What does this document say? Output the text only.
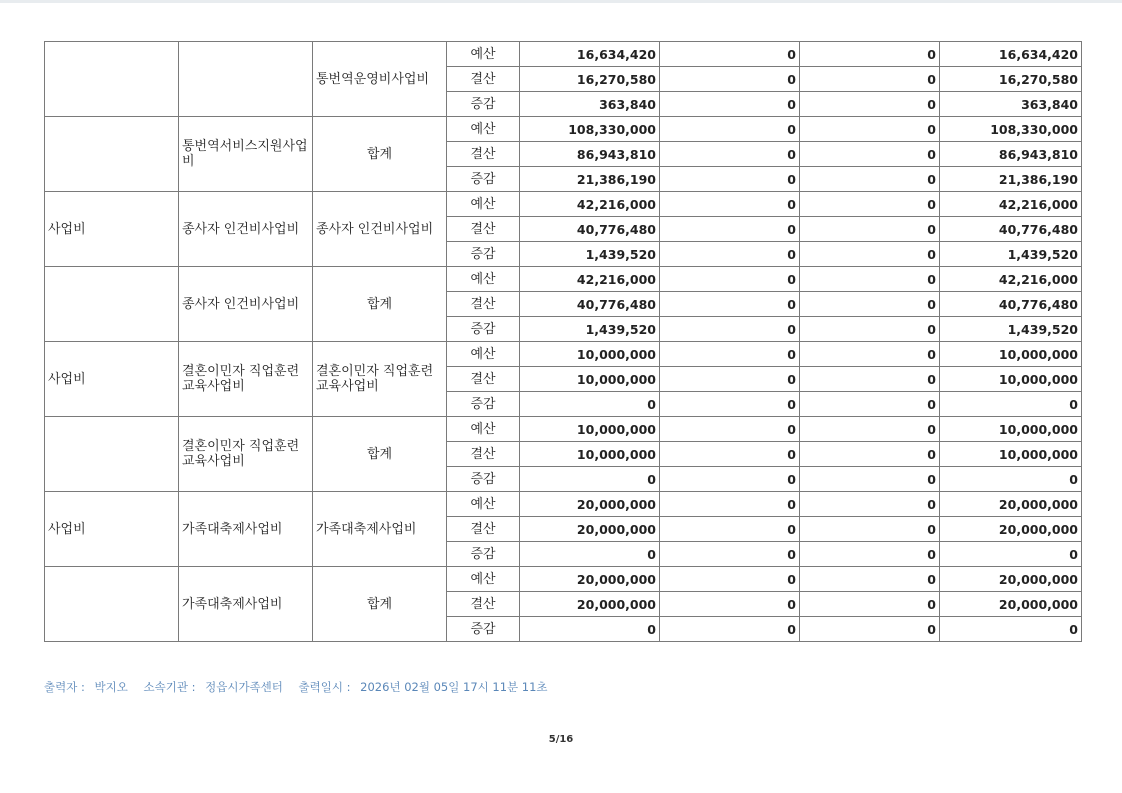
		통번역운영비사업비	예산	16,634,420	0	0	16,634,420
			결산	16,270,580	0	0	16,270,580
			증감	363,840	0	0	363,840
	통번역서비스지원사업비	합계	예산	108,330,000	0	0	108,330,000
			결산	86,943,810	0	0	86,943,810
			증감	21,386,190	0	0	21,386,190
사업비	종사자 인건비사업비	종사자 인건비사업비	예산	42,216,000	0	0	42,216,000
			결산	40,776,480	0	0	40,776,480
			증감	1,439,520	0	0	1,439,520
	종사자 인건비사업비	합계	예산	42,216,000	0	0	42,216,000
			결산	40,776,480	0	0	40,776,480
			증감	1,439,520	0	0	1,439,520
사업비	결혼이민자 직업훈련교육사업비	결혼이민자 직업훈련교육사업비	예산	10,000,000	0	0	10,000,000
			결산	10,000,000	0	0	10,000,000
			증감	0	0	0	0
	결혼이민자 직업훈련교육사업비	합계	예산	10,000,000	0	0	10,000,000
			결산	10,000,000	0	0	10,000,000
			증감	0	0	0	0
사업비	가족대축제사업비	가족대축제사업비	예산	20,000,000	0	0	20,000,000
			결산	20,000,000	0	0	20,000,000
			증감	0	0	0	0
	가족대축제사업비	합계	예산	20,000,000	0	0	20,000,000
			결산	20,000,000	0	0	20,000,000
			증감	0	0	0	0
출력자 : 박지오 소속기관 : 정읍시가족센터 출력일시 : 2026년 02월 05일 17시 11분 11초
5/16
